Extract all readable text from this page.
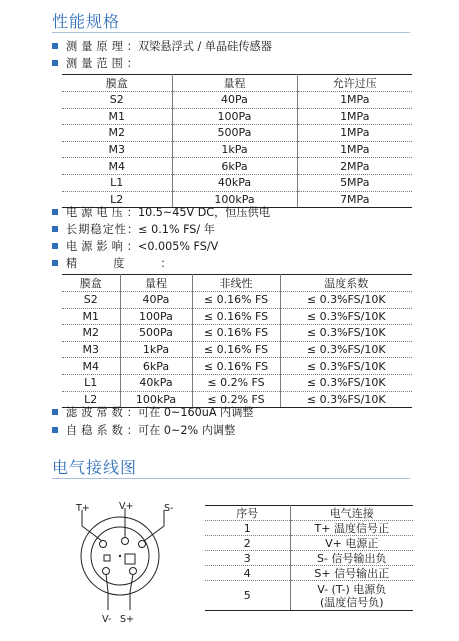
性能规格
测量原理：双梁悬浮式 / 单晶硅传感器
测量范围：
膜盒	量程	允许过压
S2	40Pa	1MPa
M1	100Pa	1MPa
M2	500Pa	1MPa
M3	1kPa	1MPa
M4	6kPa	2MPa
L1	40kPa	5MPa
L2	100kPa	7MPa
电源电压：10.5~45V DC，恒压供电
长期稳定性：≤ 0.1% FS/ 年
电源影响：<0.005% FS/V
精度：
膜盒	量程	非线性	温度系数
S2	40Pa	≤ 0.16% FS	≤ 0.3%FS/10K
M1	100Pa	≤ 0.16% FS	≤ 0.3%FS/10K
M2	500Pa	≤ 0.16% FS	≤ 0.3%FS/10K
M3	1kPa	≤ 0.16% FS	≤ 0.3%FS/10K
M4	6kPa	≤ 0.16% FS	≤ 0.3%FS/10K
L1	40kPa	≤ 0.2% FS	≤ 0.3%FS/10K
L2	100kPa	≤ 0.2% FS	≤ 0.3%FS/10K
滤波常数：可在 0~160uA 内调整
自稳系数：可在 0~2% 内调整
电气接线图
T+	V+	S-
V- S+
序号	电气连接
1	T+ 温度信号正
2	V+ 电源正
3	S- 信号输出负
4	S+ 信号输出正
5	V- (T-) 电源负
(温度信号负)
